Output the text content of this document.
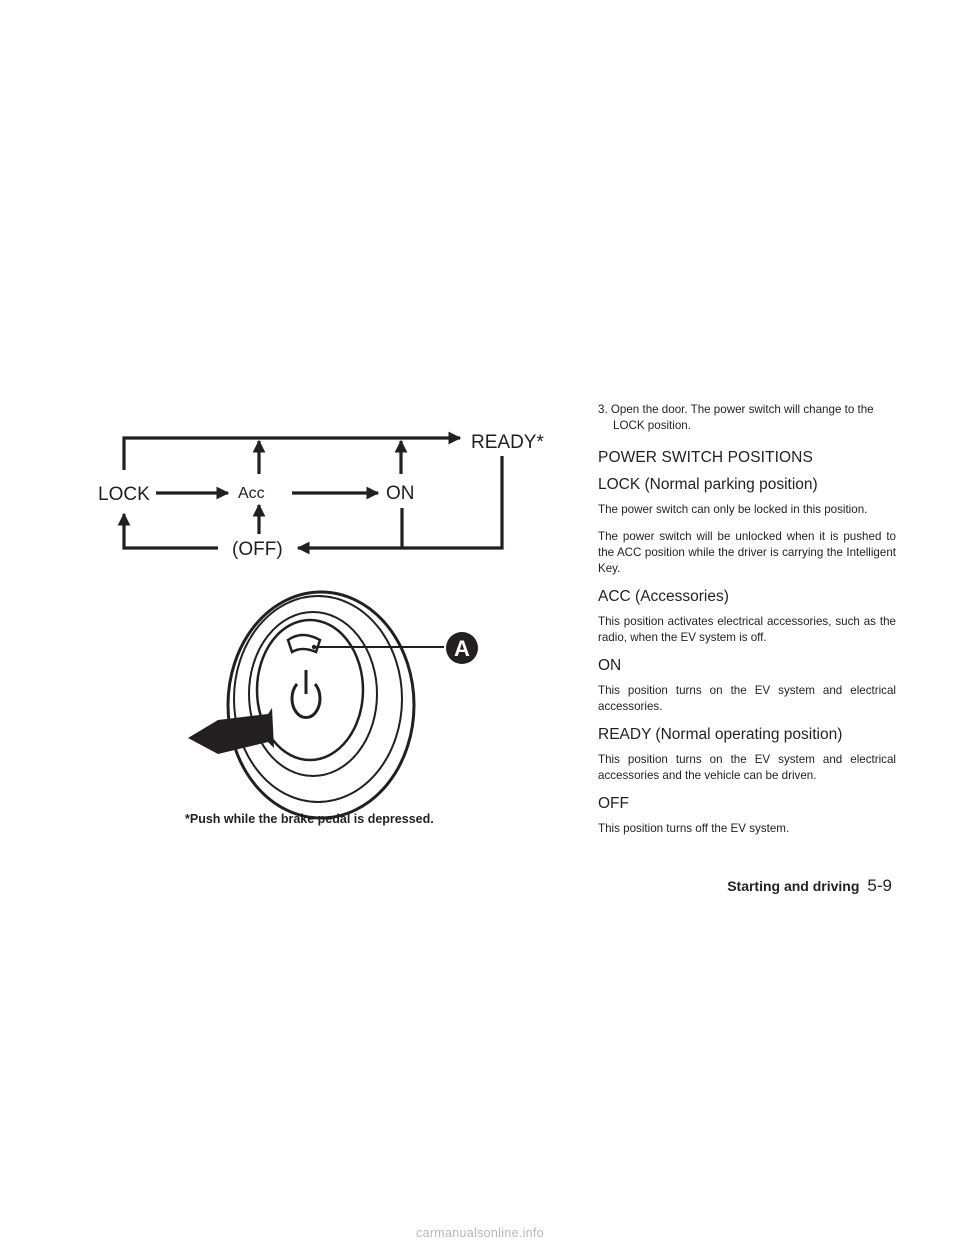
LOCK	Acc	ON
(OFF)
READY*
A
*Push while the brake pedal is depressed.

3. Open the door. The power switch will change to the LOCK position.

POWER SWITCH POSITIONS
LOCK (Normal parking position)

The power switch can only be locked in this position.

The power switch will be unlocked when it is pushed to the ACC position while the driver is carrying the Intelligent Key.

ACC (Accessories)

This position activates electrical accessories, such as the radio, when the EV system is off.

ON

This position turns on the EV system and electrical accessories.

READY (Normal operating position)

This position turns on the EV system and electrical accessories and the vehicle can be driven.

OFF

This position turns off the EV system.

Starting and driving 5-9
carmanualsonline.info
